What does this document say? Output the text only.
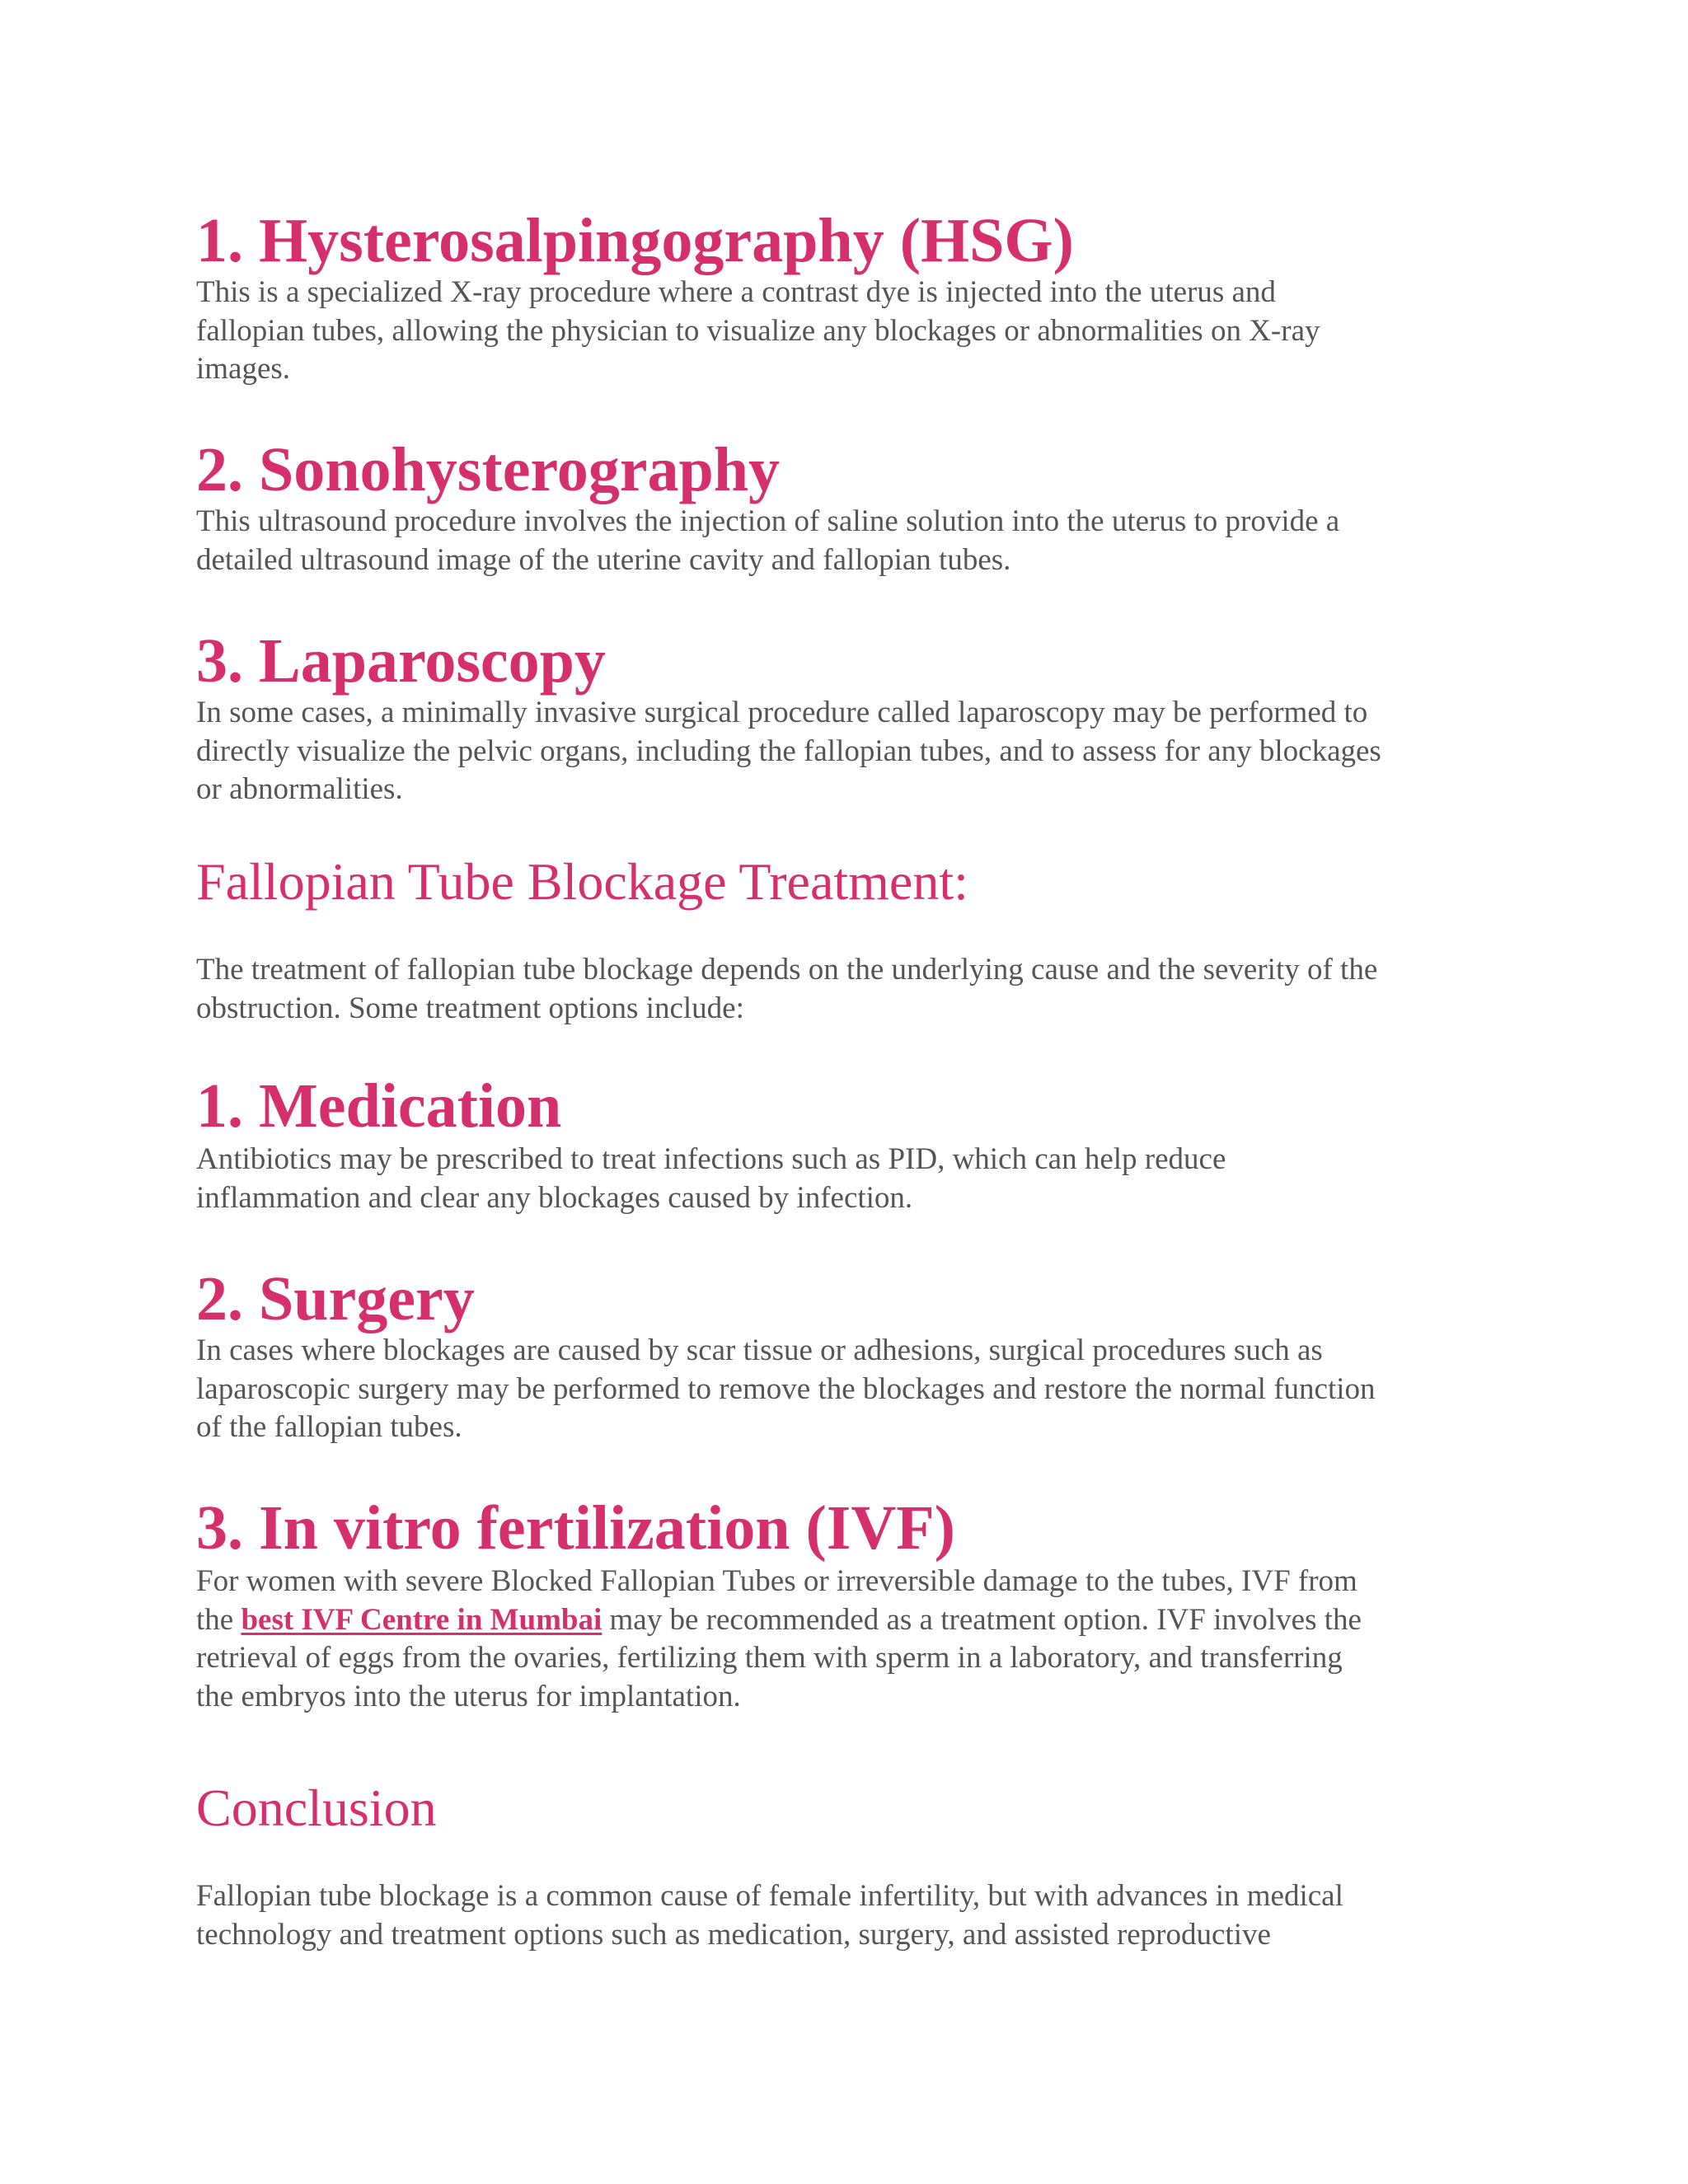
1. Hysterosalpingography (HSG)

This is a specialized X-ray procedure where a contrast dye is injected into the uterus and
fallopian tubes, allowing the physician to visualize any blockages or abnormalities on X-ray
images.

2. Sonohysterography

This ultrasound procedure involves the injection of saline solution into the uterus to provide a
detailed ultrasound image of the uterine cavity and fallopian tubes.

3. Laparoscopy

In some cases, a minimally invasive surgical procedure called laparoscopy may be performed to
directly visualize the pelvic organs, including the fallopian tubes, and to assess for any blockages
or abnormalities.

Fallopian Tube Blockage Treatment:

The treatment of fallopian tube blockage depends on the underlying cause and the severity of the
obstruction. Some treatment options include:

1. Medication

Antibiotics may be prescribed to treat infections such as PID, which can help reduce
inflammation and clear any blockages caused by infection.

2. Surgery

In cases where blockages are caused by scar tissue or adhesions, surgical procedures such as
laparoscopic surgery may be performed to remove the blockages and restore the normal function
of the fallopian tubes.

3. In vitro fertilization (IVF)

For women with severe Blocked Fallopian Tubes or irreversible damage to the tubes, IVF from
the best IVF Centre in Mumbai may be recommended as a treatment option. IVF involves the
retrieval of eggs from the ovaries, fertilizing them with sperm in a laboratory, and transferring
the embryos into the uterus for implantation.

Conclusion

Fallopian tube blockage is a common cause of female infertility, but with advances in medical
technology and treatment options such as medication, surgery, and assisted reproductive
